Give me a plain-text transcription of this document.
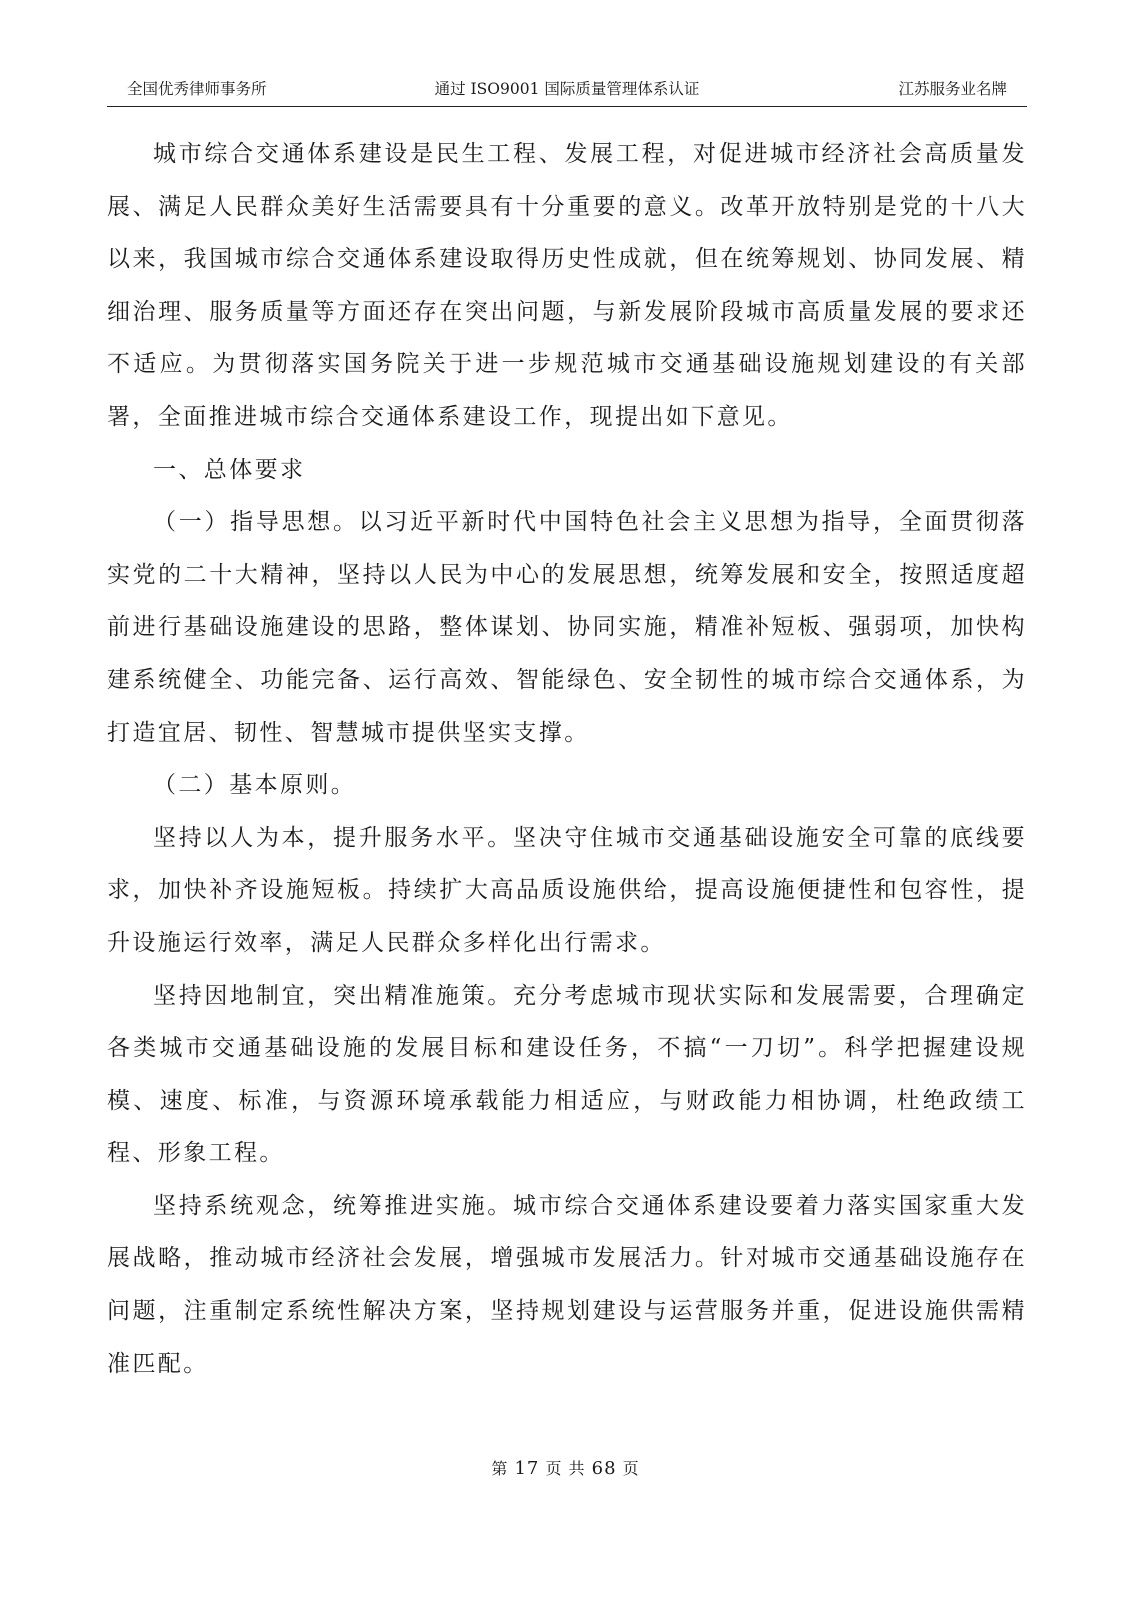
全国优秀律师事务所	通过 ISO9001 国际质量管理体系认证	江苏服务业名牌

城市综合交通体系建设是民生工程、发展工程，对促进城市经济社会高质量发展、满足人民群众美好生活需要具有十分重要的意义。改革开放特别是党的十八大以来，我国城市综合交通体系建设取得历史性成就，但在统筹规划、协同发展、精细治理、服务质量等方面还存在突出问题，与新发展阶段城市高质量发展的要求还不适应。为贯彻落实国务院关于进一步规范城市交通基础设施规划建设的有关部署，全面推进城市综合交通体系建设工作，现提出如下意见。

一、总体要求

（一）指导思想。以习近平新时代中国特色社会主义思想为指导，全面贯彻落实党的二十大精神，坚持以人民为中心的发展思想，统筹发展和安全，按照适度超前进行基础设施建设的思路，整体谋划、协同实施，精准补短板、强弱项，加快构建系统健全、功能完备、运行高效、智能绿色、安全韧性的城市综合交通体系，为打造宜居、韧性、智慧城市提供坚实支撑。

（二）基本原则。

坚持以人为本，提升服务水平。坚决守住城市交通基础设施安全可靠的底线要求，加快补齐设施短板。持续扩大高品质设施供给，提高设施便捷性和包容性，提升设施运行效率，满足人民群众多样化出行需求。

坚持因地制宜，突出精准施策。充分考虑城市现状实际和发展需要，合理确定各类城市交通基础设施的发展目标和建设任务，不搞“一刀切”。科学把握建设规模、速度、标准，与资源环境承载能力相适应，与财政能力相协调，杜绝政绩工程、形象工程。

坚持系统观念，统筹推进实施。城市综合交通体系建设要着力落实国家重大发展战略，推动城市经济社会发展，增强城市发展活力。针对城市交通基础设施存在问题，注重制定系统性解决方案，坚持规划建设与运营服务并重，促进设施供需精准匹配。

第 17 页 共 68 页
